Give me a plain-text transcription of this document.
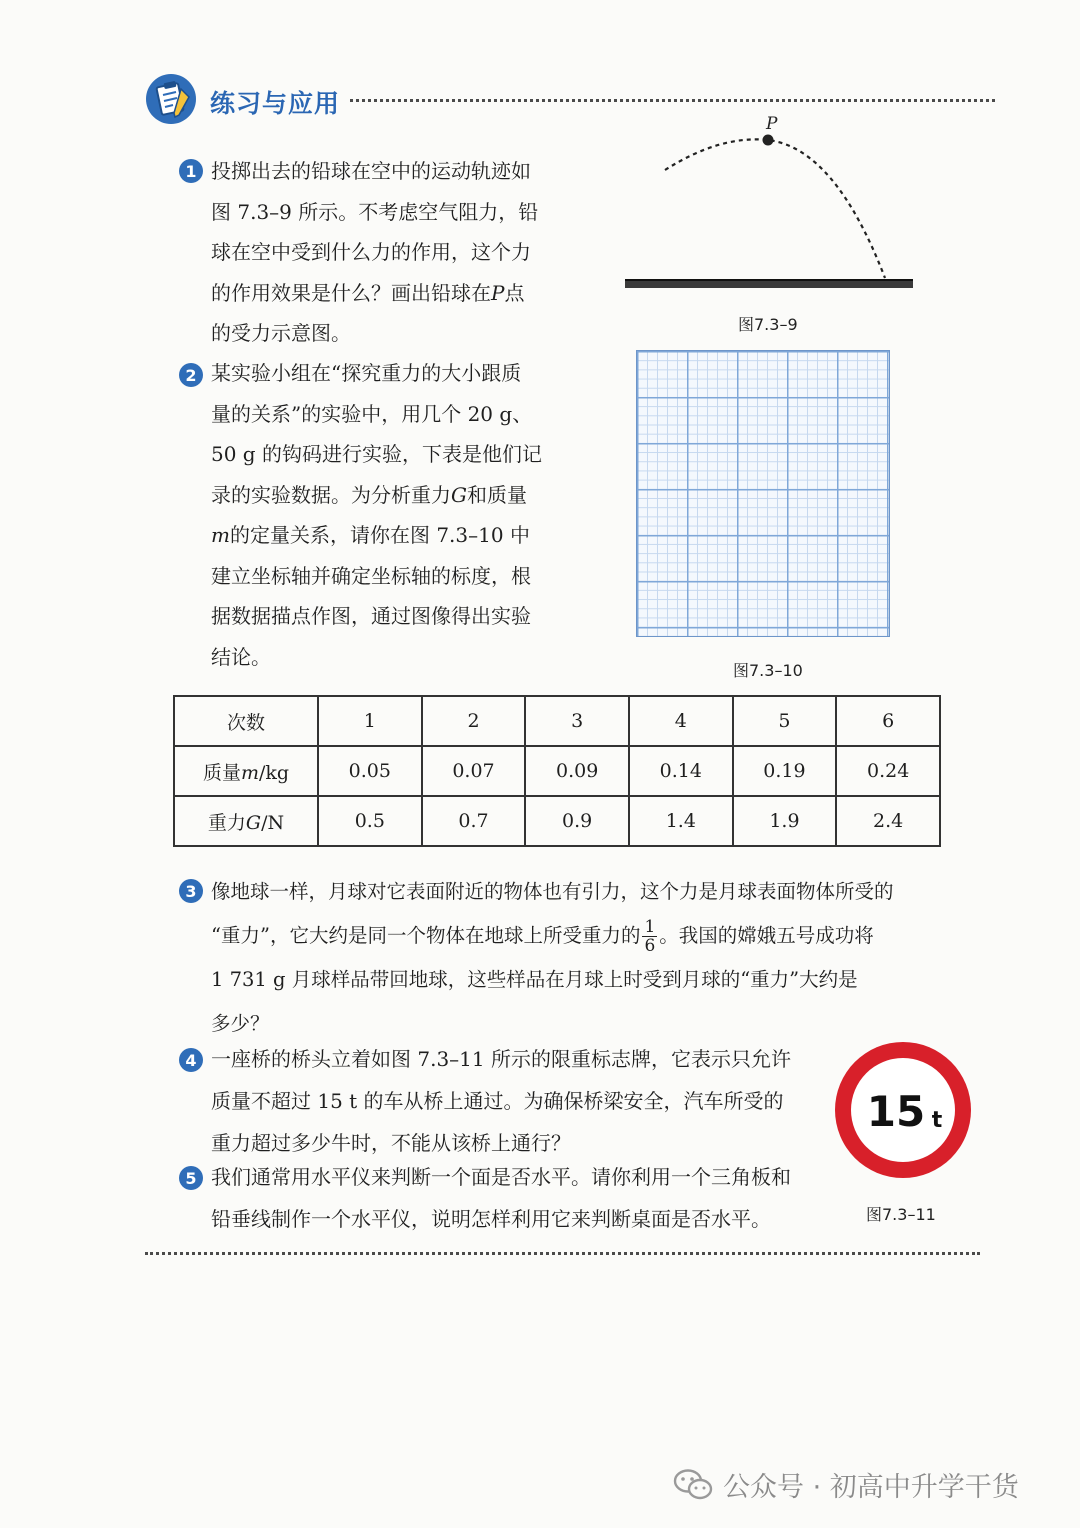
练习与应用
1 投掷出去的铅球在空中的运动轨迹如
图 7.3–9 所示。不考虑空气阻力，铅
球在空中受到什么力的作用，这个力
的作用效果是什么？画出铅球在P点
的受力示意图。
P
图7.3–9
2 某实验小组在“探究重力的大小跟质
量的关系”的实验中，用几个 20 g、
50 g 的钩码进行实验，下表是他们记
录的实验数据。为分析重力G和质量
m的定量关系，请你在图 7.3–10 中
建立坐标轴并确定坐标轴的标度，根
据数据描点作图，通过图像得出实验
结论。
图7.3–10
次数	1	2	3	4	5	6
质量m/kg	0.05	0.07	0.09	0.14	0.19	0.24
重力G/N	0.5	0.7	0.9	1.4	1.9	2.4
3 像地球一样，月球对它表面附近的物体也有引力，这个力是月球表面物体所受的
“重力”，它大约是同一个物体在地球上所受重力的 $\frac{1}{6}$ 。我国的嫦娥五号成功将
1 731 g 月球样品带回地球，这些样品在月球上时受到月球的“重力”大约是
多少？
4 一座桥的桥头立着如图 7.3–11 所示的限重标志牌，它表示只允许
质量不超过 15 t 的车从桥上通过。为确保桥梁安全，汽车所受的
重力超过多少牛时，不能从该桥上通行？
15 t
图7.3–11
5 我们通常用水平仪来判断一个面是否水平。请你利用一个三角板和
铅垂线制作一个水平仪，说明怎样利用它来判断桌面是否水平。
公众号 · 初高中升学干货
